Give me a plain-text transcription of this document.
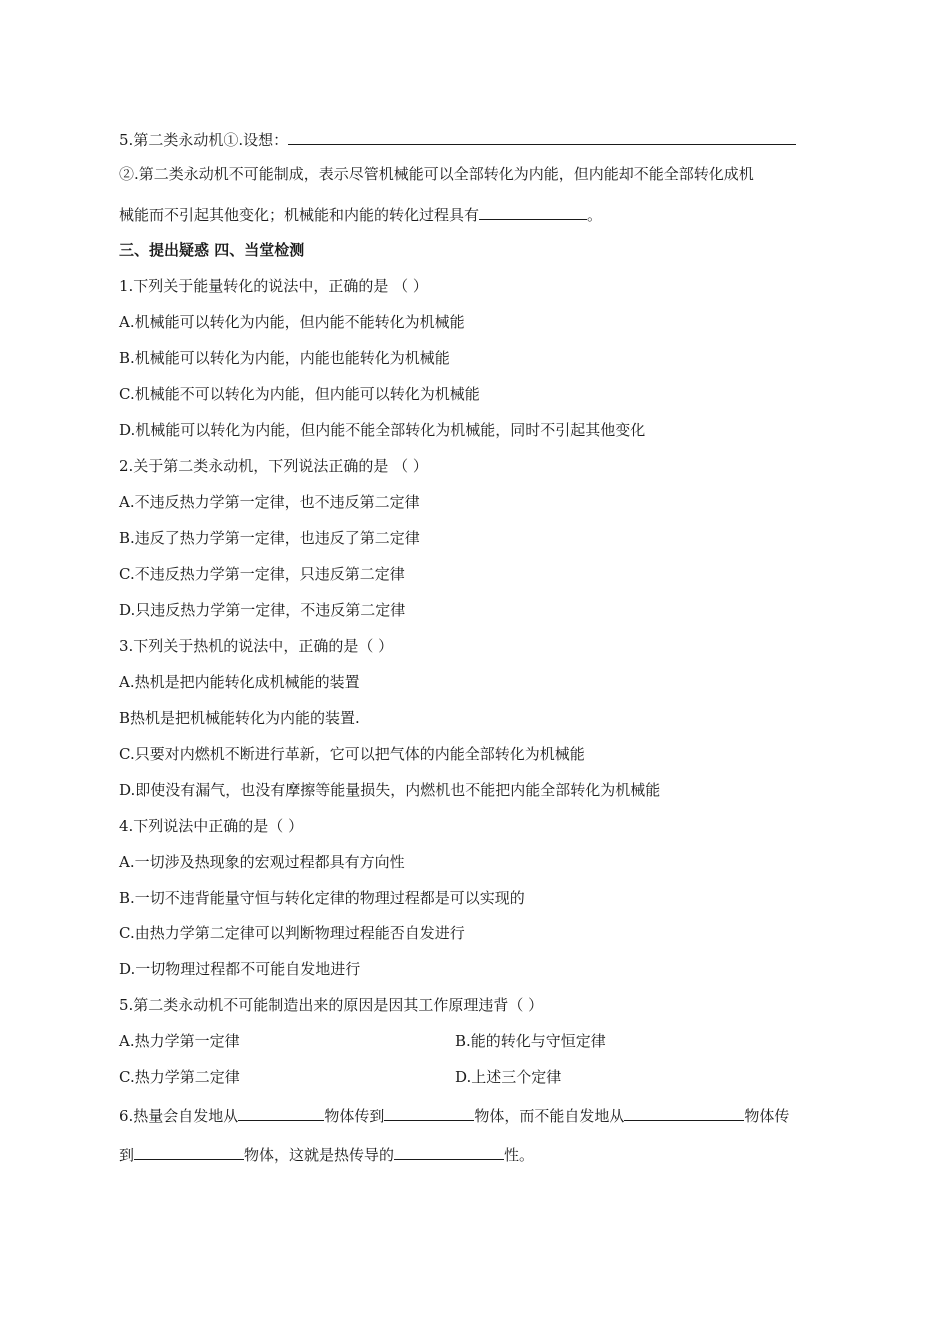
5.第二类永动机①.设想：
②.第二类永动机不可能制成，表示尽管机械能可以全部转化为内能，但内能却不能全部转化成机
械能而不引起其他变化；机械能和内能的转化过程具有	。
三、提出疑惑 四、当堂检测
1.下列关于能量转化的说法中，正确的是 （ ）
A.机械能可以转化为内能，但内能不能转化为机械能
B.机械能可以转化为内能，内能也能转化为机械能
C.机械能不可以转化为内能，但内能可以转化为机械能
D.机械能可以转化为内能，但内能不能全部转化为机械能，同时不引起其他变化
2.关于第二类永动机，下列说法正确的是 （ ）
A.不违反热力学第一定律，也不违反第二定律
B.违反了热力学第一定律，也违反了第二定律
C.不违反热力学第一定律，只违反第二定律
D.只违反热力学第一定律，不违反第二定律
3.下列关于热机的说法中，正确的是（ ）
A.热机是把内能转化成机械能的装置
B热机是把机械能转化为内能的装置.
C.只要对内燃机不断进行革新，它可以把气体的内能全部转化为机械能
D.即使没有漏气，也没有摩擦等能量损失，内燃机也不能把内能全部转化为机械能
4.下列说法中正确的是（ ）
A.一切涉及热现象的宏观过程都具有方向性
B.一切不违背能量守恒与转化定律的物理过程都是可以实现的
C.由热力学第二定律可以判断物理过程能否自发进行
D.一切物理过程都不可能自发地进行
5.第二类永动机不可能制造出来的原因是因其工作原理违背（ ）
A.热力学第一定律	B.能的转化与守恒定律
C.热力学第二定律	D.上述三个定律
6.热量会自发地从	物体传到	物体，而不能自发地从	物体传
到	物体，这就是热传导的	性。
